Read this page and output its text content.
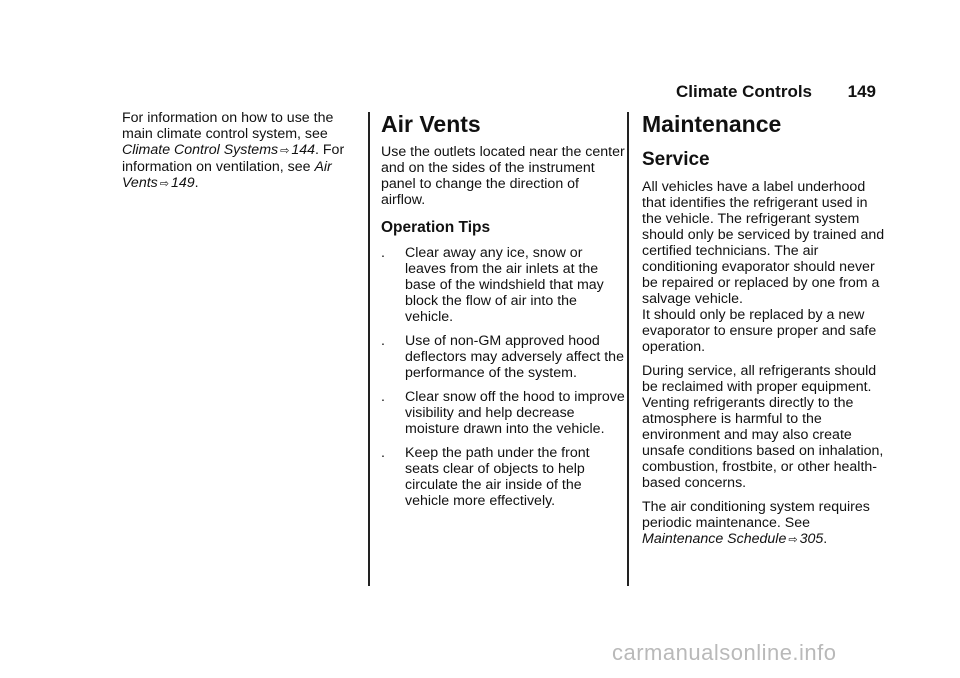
Climate Controls 149

For information on how to use the main climate control system, see Climate Control Systems ⇨ 144. For information on ventilation, see Air Vents ⇨ 149.

Air Vents

Use the outlets located near the center and on the sides of the instrument panel to change the direction of airflow.

Operation Tips
. Clear away any ice, snow or leaves from the air inlets at the base of the windshield that may block the flow of air into the vehicle.
. Use of non-GM approved hood deflectors may adversely affect the performance of the system.
. Clear snow off the hood to improve visibility and help decrease moisture drawn into the vehicle.
. Keep the path under the front seats clear of objects to help circulate the air inside of the vehicle more effectively.
Maintenance
Service

All vehicles have a label underhood that identifies the refrigerant used in the vehicle. The refrigerant system should only be serviced by trained and certified technicians. The air conditioning evaporator should never be repaired or replaced by one from a salvage vehicle.

It should only be replaced by a new evaporator to ensure proper and safe operation.

During service, all refrigerants should be reclaimed with proper equipment. Venting refrigerants directly to the atmosphere is harmful to the environment and may also create unsafe conditions based on inhalation, combustion, frostbite, or other health-based concerns.

The air conditioning system requires periodic maintenance. See Maintenance Schedule ⇨ 305.

carmanualsonline.info
